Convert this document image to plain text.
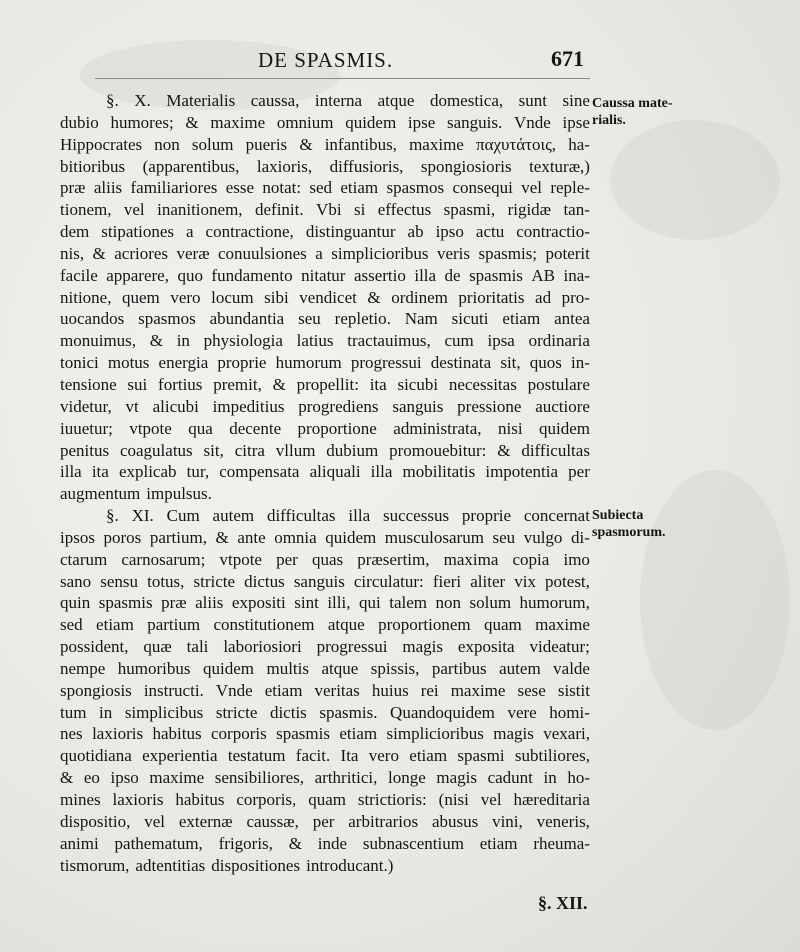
DE SPASMIS.	671
§. X. Materialis caussa, interna atque domestica, sunt sine
dubio humores; & maxime omnium quidem ipse sanguis. Vnde ipse
Hippocrates non solum pueris & infantibus, maxime παχυτάτοις, ha-
bitioribus (apparentibus, laxioris, diffusioris, spongiosioris texturæ,)
præ aliis familiariores esse notat: sed etiam spasmos consequi vel reple-
tionem, vel inanitionem, definit. Vbi si effectus spasmi, rigidæ tan-
dem stipationes a contractione, distinguantur ab ipso actu contractio-
nis, & acriores veræ conuulsiones a simplicioribus veris spasmis; poterit
facile apparere, quo fundamento nitatur assertio illa de spasmis AB ina-
nitione, quem vero locum sibi vendicet & ordinem prioritatis ad pro-
uocandos spasmos abundantia seu repletio. Nam sicuti etiam antea
monuimus, & in physiologia latius tractauimus, cum ipsa ordinaria
tonici motus energia proprie humorum progressui destinata sit, quos in-
tensione sui fortius premit, & propellit: ita sicubi necessitas postulare
videtur, vt alicubi impeditius progrediens sanguis pressione auctiore
iuuetur; vtpote qua decente proportione administrata, nisi quidem
penitus coagulatus sit, citra vllum dubium promouebitur: & difficultas
illa ita explicab tur, compensata aliquali illa mobilitatis impotentia per
augmentum impulsus.
§. XI. Cum autem difficultas illa successus proprie concernat
ipsos poros partium, & ante omnia quidem musculosarum seu vulgo di-
ctarum carnosarum; vtpote per quas præsertim, maxima copia imo
sano sensu totus, stricte dictus sanguis circulatur: fieri aliter vix potest,
quin spasmis præ aliis expositi sint illi, qui talem non solum humorum,
sed etiam partium constitutionem atque proportionem quam maxime
possident, quæ tali laboriosiori progressui magis exposita videatur;
nempe humoribus quidem multis atque spissis, partibus autem valde
spongiosis instructi. Vnde etiam veritas huius rei maxime sese sistit
tum in simplicibus stricte dictis spasmis. Quandoquidem vere homi-
nes laxioris habitus corporis spasmis etiam simplicioribus magis vexari,
quotidiana experientia testatum facit. Ita vero etiam spasmi subtiliores,
& eo ipso maxime sensibiliores, arthritici, longe magis cadunt in ho-
mines laxioris habitus corporis, quam strictioris: (nisi vel hæreditaria
dispositio, vel externæ caussæ, per arbitrarios abusus vini, veneris,
animi pathematum, frigoris, & inde subnascentium etiam rheuma-
tismorum, adtentitias dispositiones introducant.)
Caussa mate-
rialis.
Subiecta
spasmorum.
§. XII.
